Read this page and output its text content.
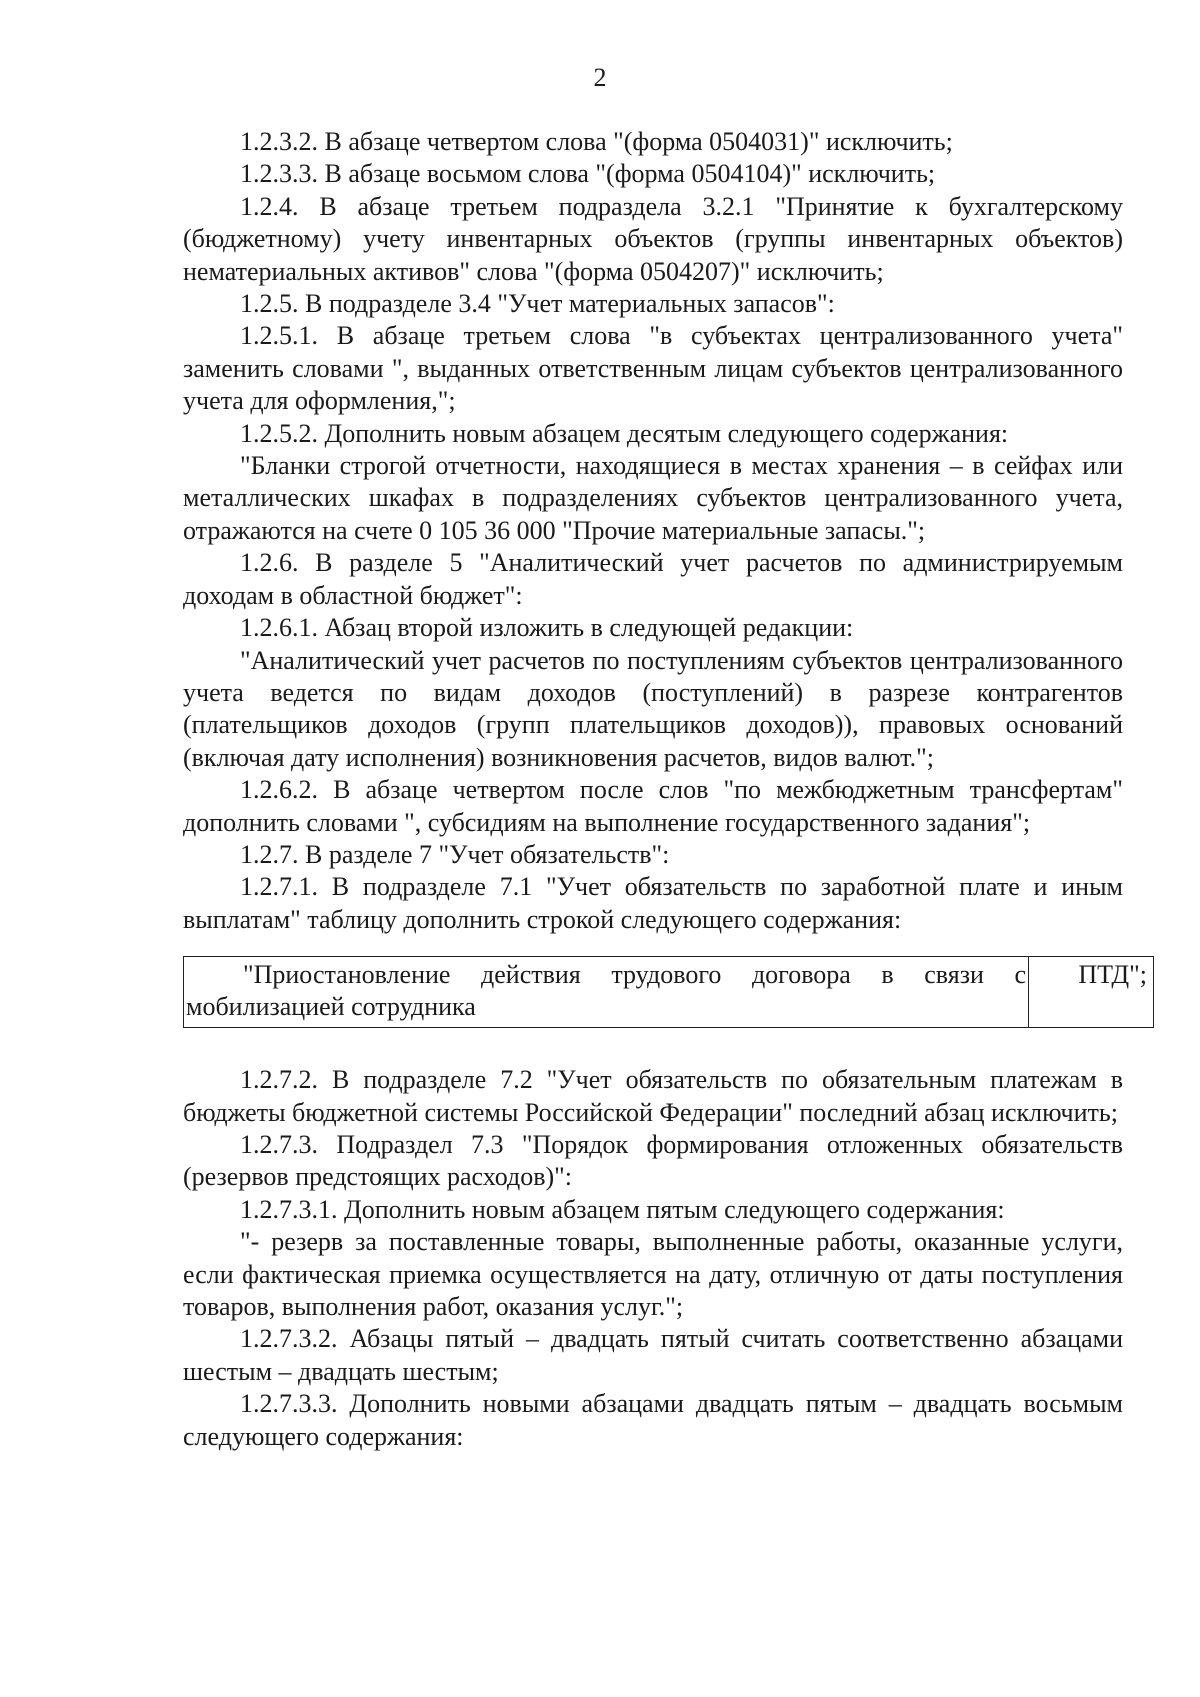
2

1.2.3.2. В абзаце четвертом слова "(форма 0504031)" исключить;

1.2.3.3. В абзаце восьмом слова "(форма 0504104)" исключить;

1.2.4. В абзаце третьем подраздела 3.2.1 "Принятие к бухгалтерскому (бюджетному) учету инвентарных объектов (группы инвентарных объектов) нематериальных активов" слова "(форма 0504207)" исключить;

1.2.5. В подразделе 3.4 "Учет материальных запасов":

1.2.5.1. В абзаце третьем слова "в субъектах централизованного учета" заменить словами ", выданных ответственным лицам субъектов централизованного учета для оформления,";

1.2.5.2. Дополнить новым абзацем десятым следующего содержания:

"Бланки строгой отчетности, находящиеся в местах хранения – в сейфах или металлических шкафах в подразделениях субъектов централизованного учета, отражаются на счете 0 105 36 000 "Прочие материальные запасы.";

1.2.6. В разделе 5 "Аналитический учет расчетов по администрируемым доходам в областной бюджет":

1.2.6.1. Абзац второй изложить в следующей редакции:

"Аналитический учет расчетов по поступлениям субъектов централизованного учета ведется по видам доходов (поступлений) в разрезе контрагентов (плательщиков доходов (групп плательщиков доходов)), правовых оснований (включая дату исполнения) возникновения расчетов, видов валют.";

1.2.6.2. В абзаце четвертом после слов "по межбюджетным трансфертам" дополнить словами ", субсидиям на выполнение государственного задания";

1.2.7. В разделе 7 "Учет обязательств":

1.2.7.1. В подразделе 7.1 "Учет обязательств по заработной плате и иным выплатам" таблицу дополнить строкой следующего содержания:

"Приостановление действия трудового договора в связи с мобилизацией сотрудника	ПТД";

1.2.7.2. В подразделе 7.2 "Учет обязательств по обязательным платежам в бюджеты бюджетной системы Российской Федерации" последний абзац исключить;

1.2.7.3. Подраздел 7.3 "Порядок формирования отложенных обязательств (резервов предстоящих расходов)":

1.2.7.3.1. Дополнить новым абзацем пятым следующего содержания:

"- резерв за поставленные товары, выполненные работы, оказанные услуги, если фактическая приемка осуществляется на дату, отличную от даты поступления товаров, выполнения работ, оказания услуг.";

1.2.7.3.2. Абзацы пятый – двадцать пятый считать соответственно абзацами шестым – двадцать шестым;

1.2.7.3.3. Дополнить новыми абзацами двадцать пятым – двадцать восьмым следующего содержания:
